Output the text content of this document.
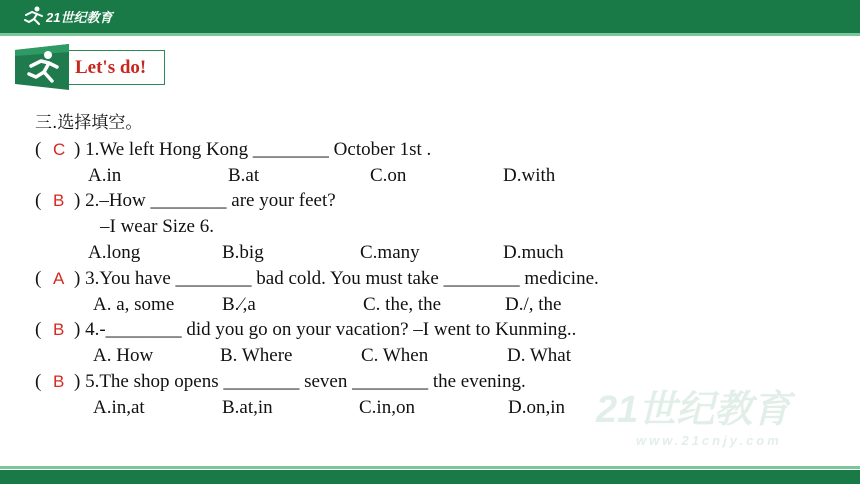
21世纪教育
Let's do!
21世纪教育
www.21cnjy.com
三.选择填空。
( C ) 1.We left Hong Kong ________ October 1st .
A.in	B.at	C.on	D.with
( B ) 2.–How ________ are your feet?
–I wear Size 6.
A.long	B.big	C.many	D.much
( A ) 3.You have ________ bad cold. You must take ________ medicine.
A. a, some	B.∕,a	C. the, the	D./, the
( B ) 4.-________ did you go on your vacation? –I went to Kunming..
A. How	B. Where	C. When	D. What
( B ) 5.The shop opens ________ seven ________ the evening.
A.in,at	B.at,in	C.in,on	D.on,in
